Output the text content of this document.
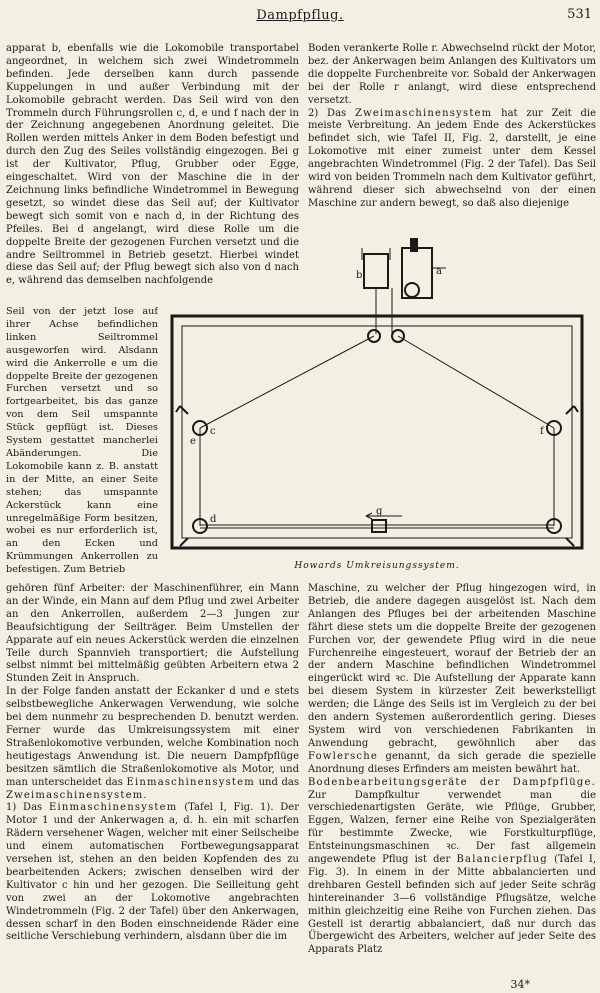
Dampfpflug.	531

apparat b, ebenfalls wie die Lokomobile transportabel angeordnet, in welchem sich zwei Windetrommeln befinden. Jede derselben kann durch passende Kuppelungen in und außer Verbindung mit der Lokomobile gebracht werden. Das Seil wird von den Trommeln durch Führungsrollen c, d, e und f nach der in der Zeichnung angegebenen Anordnung geleitet. Die Rollen werden mittels Anker in dem Boden befestigt und durch den Zug des Seiles vollständig eingezogen. Bei g ist der Kultivator, Pflug, Grubber oder Egge, eingeschaltet. Wird von der Maschine die in der Zeichnung links befindliche Windetrommel in Bewegung gesetzt, so windet diese das Seil auf; der Kultivator bewegt sich somit von e nach d, in der Richtung des Pfeiles. Bei d angelangt, wird diese Rolle um die doppelte Breite der gezogenen Furchen versetzt und die andre Seiltrommel in Betrieb gesetzt. Hierbei windet diese das Seil auf; der Pflug bewegt sich also von d nach e, während das demselben nachfolgende

Seil von der jetzt lose auf ihrer Achse befindlichen linken Seiltrommel ausgeworfen wird. Alsdann wird die Ankerrolle e um die doppelte Breite der gezogenen Furchen versetzt und so fortgearbeitet, bis das ganze von dem Seil umspannte Stück gepflügt ist. Dieses System gestattet mancherlei Abänderungen. Die Lokomobile kann z. B. anstatt in der Mitte, an einer Seite stehen; das umspannte Ackerstück kann eine unregelmäßige Form besitzen, wobei es nur erforderlich ist, an den Ecken und Krümmungen Ankerrollen zu befestigen. Zum Betrieb

Boden verankerte Rolle r. Abwechselnd rückt der Motor, bez. der Ankerwagen beim Anlangen des Kultivators um die doppelte Furchenbreite vor. Sobald der Ankerwagen bei der Rolle r anlangt, wird diese entsprechend versetzt.

2) Das Zweimaschinensystem hat zur Zeit die meiste Verbreitung. An jedem Ende des Ackerstückes befindet sich, wie Tafel II, Fig. 2, darstellt, je eine Lokomotive mit einer zumeist unter dem Kessel angebrachten Windetrommel (Fig. 2 der Tafel). Das Seil wird von beiden Trommeln nach dem Kultivator geführt, während dieser sich abwechselnd von der einen Maschine zur andern bewegt, so daß also diejenige

a
b
c
d
e
f
g
Howards Umkreisungssystem.

gehören fünf Arbeiter: der Maschinenführer, ein Mann an der Winde, ein Mann auf dem Pflug und zwei Arbeiter an den Ankerrollen, außerdem 2—3 Jungen zur Beaufsichtigung der Seilträger. Beim Umstellen der Apparate auf ein neues Ackerstück werden die einzelnen Teile durch Spannvieh transportiert; die Aufstellung selbst nimmt bei mittelmäßig geübten Arbeitern etwa 2 Stunden Zeit in Anspruch.

In der Folge fanden anstatt der Eckanker d und e stets selbstbewegliche Ankerwagen Verwendung, wie solche bei dem nunmehr zu besprechenden D. benutzt werden. Ferner wurde das Umkreisungssystem mit einer Straßenlokomotive verbunden, welche Kombination noch heutigestags Anwendung ist. Die neuern Dampfpflüge besitzen sämtlich die Straßenlokomotive als Motor, und man unterscheidet das Einmaschinensystem und das Zweimaschinensystem.

1) Das Einmaschinensystem (Tafel I, Fig. 1). Der Motor 1 und der Ankerwagen a, d. h. ein mit scharfen Rädern versehener Wagen, welcher mit einer Seilscheibe und einem automatischen Fortbewegungsapparat versehen ist, stehen an den beiden Kopfenden des zu bearbeitenden Ackers; zwischen denselben wird der Kultivator c hin und her gezogen. Die Seilleitung geht von zwei an der Lokomotive angebrachten Windetrommeln (Fig. 2 der Tafel) über den Ankerwagen, dessen scharf in den Boden einschneidende Räder eine seitliche Verschiebung verhindern, alsdann über die im

Maschine, zu welcher der Pflug hingezogen wird, in Betrieb, die andere dagegen ausgelöst ist. Nach dem Anlangen des Pfluges bei der arbeitenden Maschine fährt diese stets um die doppelte Breite der gezogenen Furchen vor, der gewendete Pflug wird in die neue Furchenreihe eingesteuert, worauf der Betrieb der an der andern Maschine befindlichen Windetrommel eingerückt wird ꝛc. Die Aufstellung der Apparate kann bei diesem System in kürzester Zeit bewerkstelligt werden; die Länge des Seils ist im Vergleich zu der bei den andern Systemen außerordentlich gering. Dieses System wird von verschiedenen Fabrikanten in Anwendung gebracht, gewöhnlich aber das Fowlersche genannt, da sich gerade die spezielle Anordnung dieses Erfinders am meisten bewährt hat.

Bodenbearbeitungsgeräte der Dampfpflüge. Zur Dampfkultur verwendet man die verschiedenartigsten Geräte, wie Pflüge, Grubber, Eggen, Walzen, ferner eine Reihe von Spezialgeräten für bestimmte Zwecke, wie Forstkulturpflüge, Entsteinungsmaschinen ꝛc. Der fast allgemein angewendete Pflug ist der Balancierpflug (Tafel I, Fig. 3). In einem in der Mitte abbalancierten und drehbaren Gestell befinden sich auf jeder Seite schräg hintereinander 3—6 vollständige Pflugsätze, welche mithin gleichzeitig eine Reihe von Furchen ziehen. Das Gestell ist derartig abbalanciert, daß nur durch das Übergewicht des Arbeiters, welcher auf jeder Seite des Apparats Platz

34*
